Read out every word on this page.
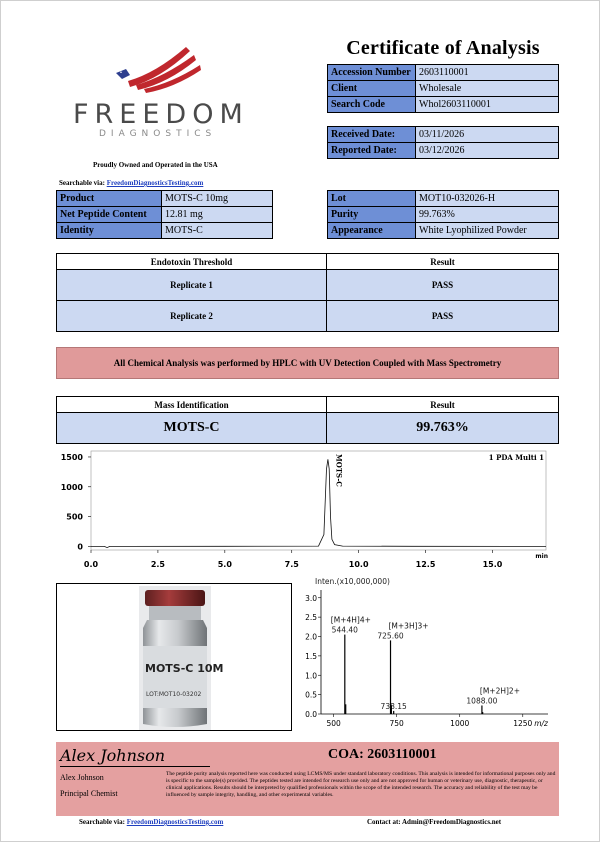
FREEDOM
DIAGNOSTICS
Proudly Owned and Operated in the USA
Searchable via: FreedomDiagnosticsTesting.com
Certificate of Analysis
Accession Number	2603110001
Client	Wholesale
Search Code	Whol2603110001
Received Date:	03/11/2026
Reported Date:	03/12/2026
Product	MOTS-C 10mg
Net Peptide Content	12.81 mg
Identity	MOTS-C
Lot	MOT10-032026-H
Purity	99.763%
Appearance	White Lyophilized Powder
Endotoxin Threshold	Result
Replicate 1	PASS
Replicate 2	PASS
All Chemical Analysis was performed by HPLC with UV Detection Coupled with Mass Spectrometry
Mass Identification	Result
MOTS-C	99.763%
0
500
1000
1500
0.0	2.5	5.0	7.5	10.0	12.5	15.0
min
1 PDA Multi 1
MOTS-C
MOTS-C 10M
LOT:MOT10-03202
Inten.(x10,000,000)
0.0
0.5
1.0
1.5
2.0
2.5
3.0
500	750	1000	1250 m/z
544.40
[M+4H]4+
725.60
[M+3H]3+
738.15
1088.00
[M+2H]2+
Alex Johnson
Alex Johnson
Principal Chemist
COA: 2603110001
The peptide purity analysis reported here was conducted using LCMS/MS under standard laboratory conditions. This analysis is intended for informational purposes only and is specific to the sample(s) provided. The peptides tested are intended for research use only and are not approved for human or veterinary use, diagnostic, therapeutic, or clinical applications. Results should be interpreted by qualified professionals within the scope of the intended research. The accuracy and reliability of the test may be influenced by sample integrity, handling, and other experimental variables.
Searchable via: FreedomDiagnosticsTesting.com	Contact at: Admin@FreedomDiagnostics.net
